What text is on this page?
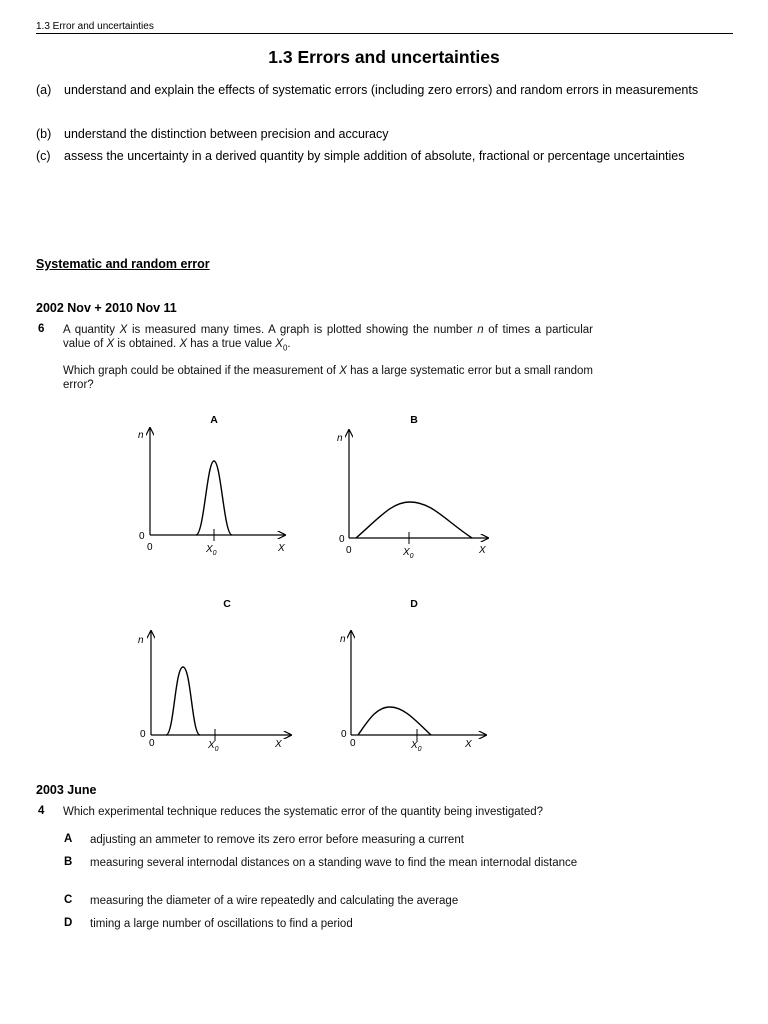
1.3 Error and uncertainties
1.3 Errors and uncertainties
(a) understand and explain the effects of systematic errors (including zero errors) and random errors in measurements
(b) understand the distinction between precision and accuracy
(c) assess the uncertainty in a derived quantity by simple addition of absolute, fractional or percentage uncertainties
Systematic and random error
2002 Nov + 2010 Nov 11
6 A quantity X is measured many times. A graph is plotted showing the number n of times a particular value of X is obtained. X has a true value $X_0$.
Which graph could be obtained if the measurement of X has a large systematic error but a small random error?
A
n
0
0	$X_0$	X
B
n
0
0	$X_0$
X
C
n
0
0	$X_0$	X
D
n
0
0	$X_0$	X
2003 June
4 Which experimental technique reduces the systematic error of the quantity being investigated?
A adjusting an ammeter to remove its zero error before measuring a current
B measuring several internodal distances on a standing wave to find the mean internodal distance
C measuring the diameter of a wire repeatedly and calculating the average
D timing a large number of oscillations to find a period
